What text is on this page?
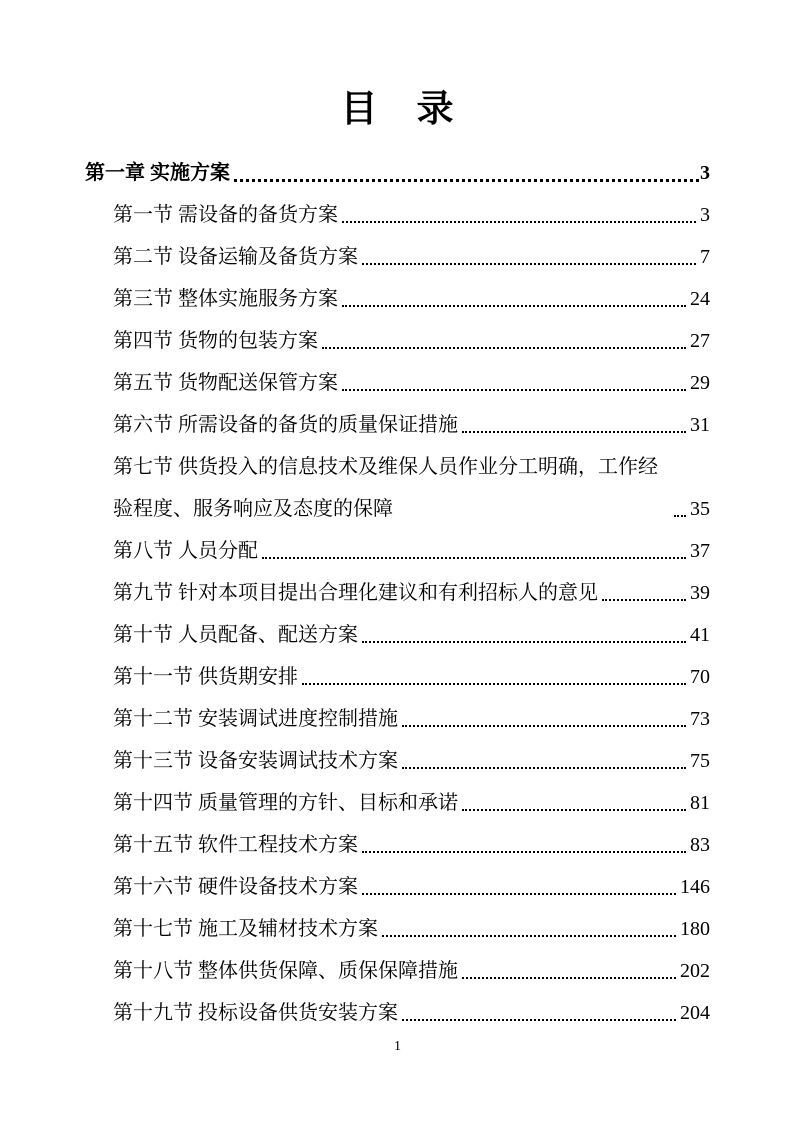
目　录
第一章 实施方案	3
第一节 需设备的备货方案	3
第二节 设备运输及备货方案	7
第三节 整体实施服务方案	24
第四节 货物的包装方案	27
第五节 货物配送保管方案	29
第六节 所需设备的备货的质量保证措施	31
第七节 供货投入的信息技术及维保人员作业分工明确，工作经验程度、服务响应及态度的保障	35
第八节 人员分配	37
第九节 针对本项目提出合理化建议和有利招标人的意见	39
第十节 人员配备、配送方案	41
第十一节 供货期安排	70
第十二节 安装调试进度控制措施	73
第十三节 设备安装调试技术方案	75
第十四节 质量管理的方针、目标和承诺	81
第十五节 软件工程技术方案	83
第十六节 硬件设备技术方案	146
第十七节 施工及辅材技术方案	180
第十八节 整体供货保障、质保保障措施	202
第十九节 投标设备供货安装方案	204
1
